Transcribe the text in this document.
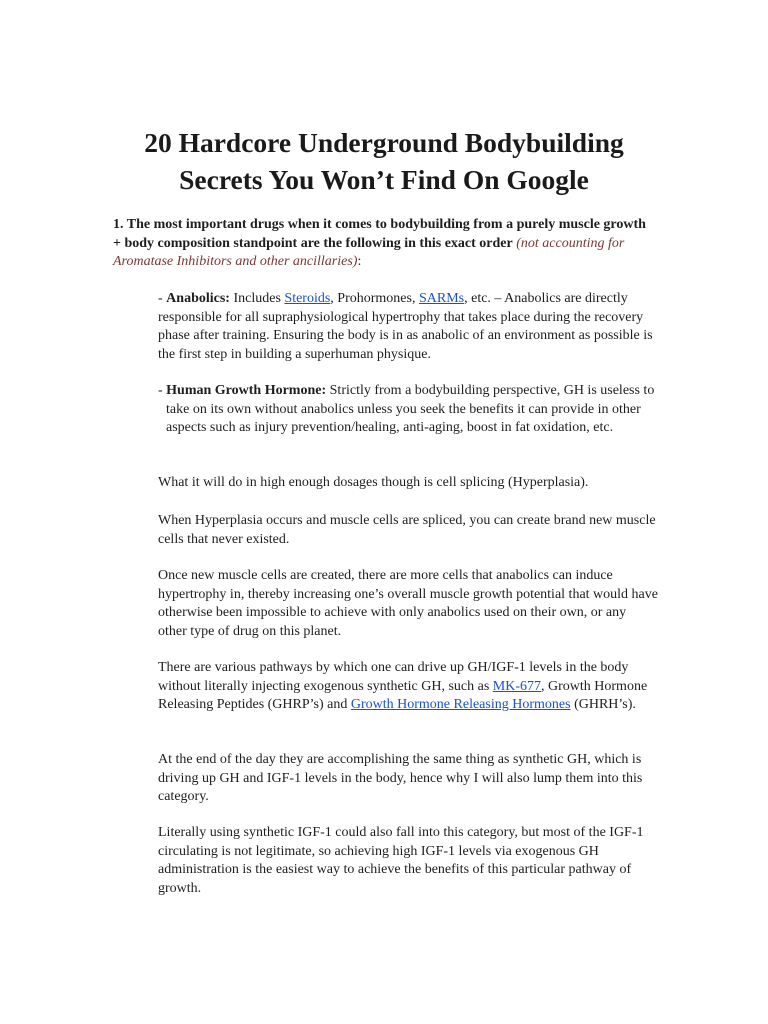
20 Hardcore Underground Bodybuilding
Secrets You Won’t Find On Google

1. The most important drugs when it comes to bodybuilding from a purely muscle growth + body composition standpoint are the following in this exact order (not accounting for Aromatase Inhibitors and other ancillaries):

- Anabolics: Includes Steroids, Prohormones, SARMs, etc. – Anabolics are directly responsible for all supraphysiological hypertrophy that takes place during the recovery phase after training. Ensuring the body is in as anabolic of an environment as possible is the first step in building a superhuman physique.

- Human Growth Hormone: Strictly from a bodybuilding perspective, GH is useless to take on its own without anabolics unless you seek the benefits it can provide in other aspects such as injury prevention/healing, anti-aging, boost in fat oxidation, etc.

What it will do in high enough dosages though is cell splicing (Hyperplasia).

When Hyperplasia occurs and muscle cells are spliced, you can create brand new muscle cells that never existed.

Once new muscle cells are created, there are more cells that anabolics can induce hypertrophy in, thereby increasing one’s overall muscle growth potential that would have otherwise been impossible to achieve with only anabolics used on their own, or any other type of drug on this planet.

There are various pathways by which one can drive up GH/IGF-1 levels in the body without literally injecting exogenous synthetic GH, such as MK-677, Growth Hormone Releasing Peptides (GHRP’s) and Growth Hormone Releasing Hormones (GHRH’s).

At the end of the day they are accomplishing the same thing as synthetic GH, which is driving up GH and IGF-1 levels in the body, hence why I will also lump them into this category.

Literally using synthetic IGF-1 could also fall into this category, but most of the IGF-1 circulating is not legitimate, so achieving high IGF-1 levels via exogenous GH administration is the easiest way to achieve the benefits of this particular pathway of growth.
